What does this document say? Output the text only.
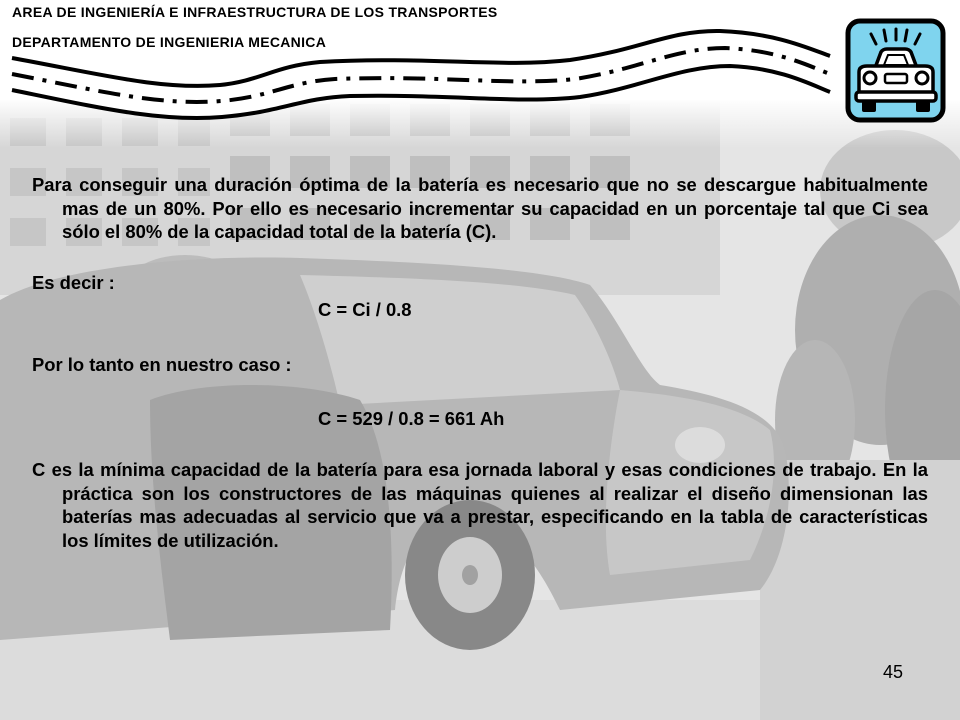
AREA DE INGENIERÍA E INFRAESTRUCTURA DE LOS TRANSPORTES
DEPARTAMENTO DE INGENIERIA MECANICA

Para conseguir una duración óptima de la batería es necesario que no se descargue habitualmente mas de un 80%. Por ello es necesario incrementar su capacidad en un porcentaje tal que Ci sea sólo el 80% de la capacidad total de la batería (C).

Es decir :

C = Ci / 0.8

Por lo tanto en nuestro caso :

C = 529 / 0.8 = 661 Ah

C es la mínima capacidad de la batería para esa jornada laboral y esas condiciones de trabajo. En la práctica son los constructores de las máquinas quienes al realizar el diseño dimensionan las baterías mas adecuadas al servicio que va a prestar, especificando en la tabla de características los límites de utilización.

45
